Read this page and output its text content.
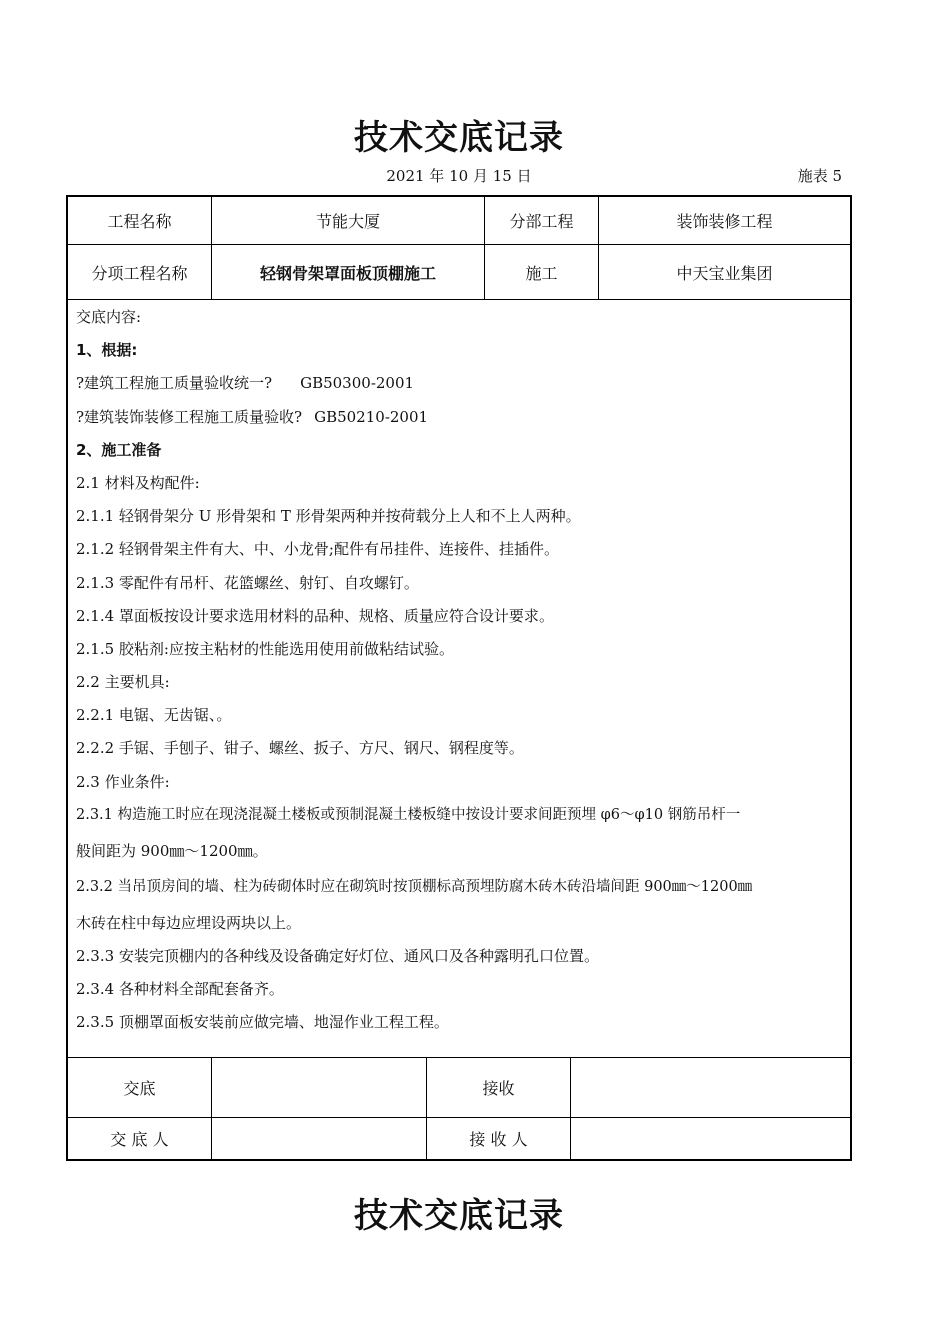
技术交底记录
2021 年 10 月 15 日	施表 5
工程名称	节能大厦	分部工程	装饰装修工程
分项工程名称	轻钢骨架罩面板顶棚施工	施工	中天宝业集团
交底	接收
交 底 人	接 收 人
交底内容:
1、根据:
?建筑工程施工质量验收统一? GB50300-2001
?建筑装饰装修工程施工质量验收? GB50210-2001
2、施工准备
2.1 材料及构配件:
2.1.1 轻钢骨架分 U 形骨架和 T 形骨架两种并按荷载分上人和不上人两种。
2.1.2 轻钢骨架主件有大、中、小龙骨;配件有吊挂件、连接件、挂插件。
2.1.3 零配件有吊杆、花篮螺丝、射钉、自攻螺钉。
2.1.4 罩面板按设计要求选用材料的品种、规格、质量应符合设计要求。
2.1.5 胶粘剂:应按主粘材的性能选用使用前做粘结试验。
2.2 主要机具:
2.2.1 电锯、无齿锯、。
2.2.2 手锯、手刨子、钳子、螺丝、扳子、方尺、钢尺、钢程度等。
2.3 作业条件:
2.3.1 构造施工时应在现浇混凝土楼板或预制混凝土楼板缝中按设计要求间距预埋 φ6～φ10 钢筋吊杆一
般间距为 900㎜～1200㎜。
2.3.2 当吊顶房间的墙、柱为砖砌体时应在砌筑时按顶棚标高预埋防腐木砖木砖沿墙间距 900㎜～1200㎜
木砖在柱中每边应埋设两块以上。
2.3.3 安装完顶棚内的各种线及设备确定好灯位、通风口及各种露明孔口位置。
2.3.4 各种材料全部配套备齐。
2.3.5 顶棚罩面板安装前应做完墙、地湿作业工程工程。
技术交底记录
